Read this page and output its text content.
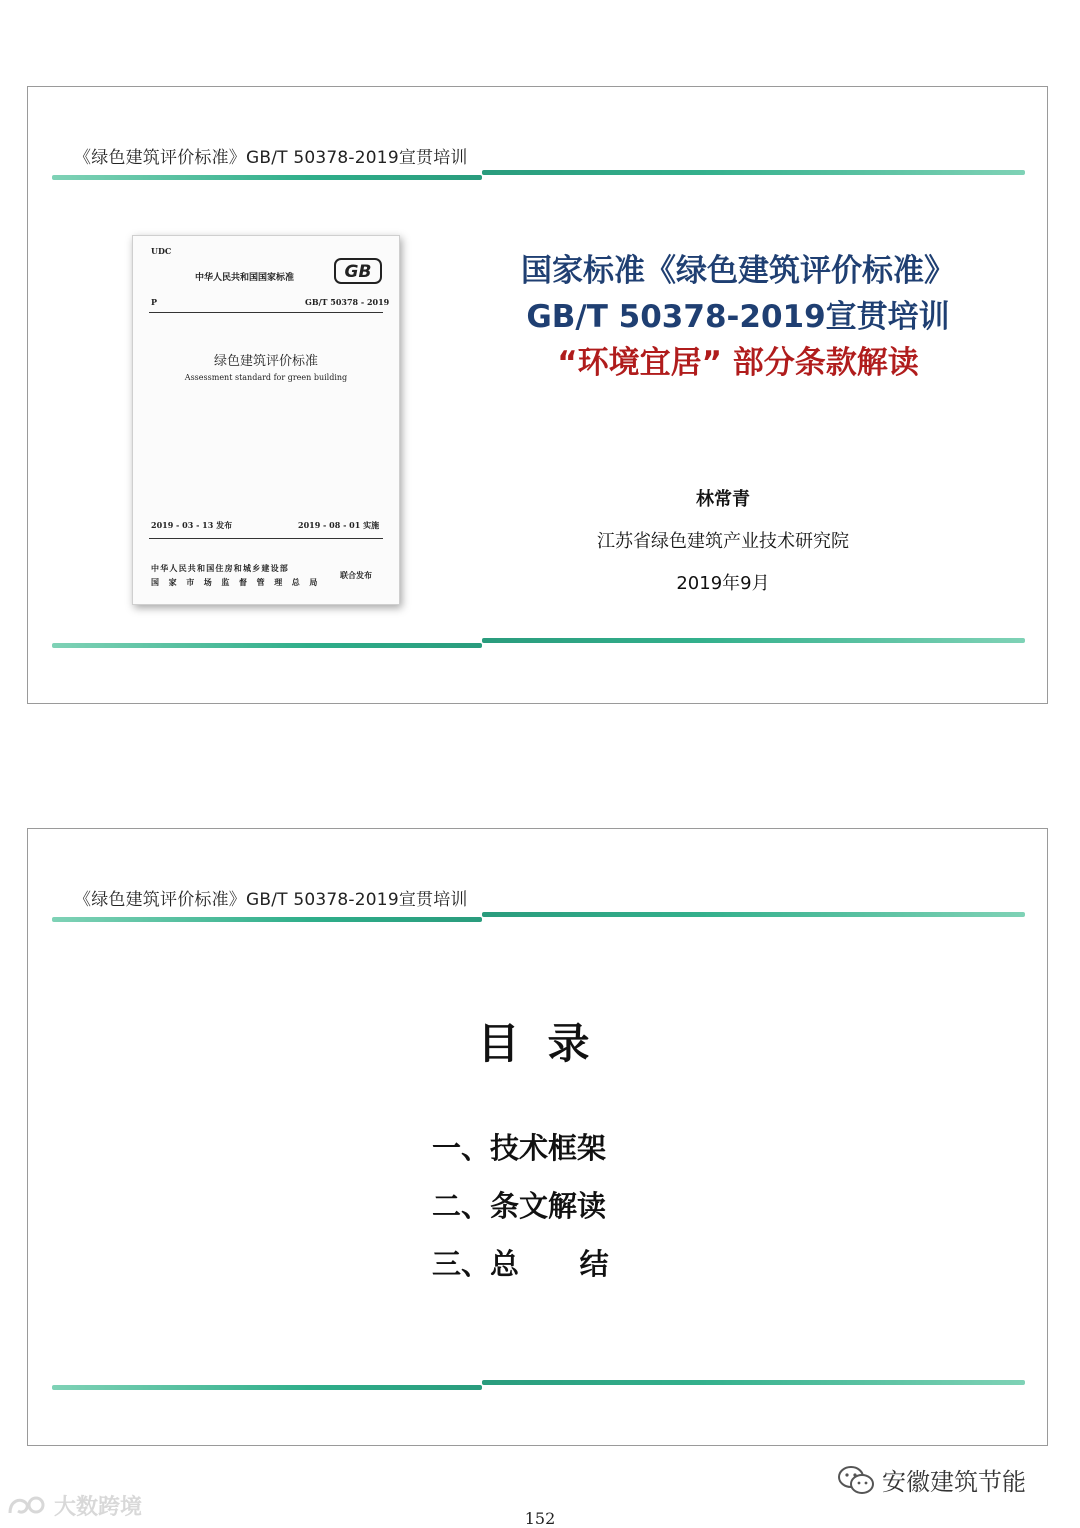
《绿色建筑评价标准》GB/T 50378-2019宣贯培训
UDC
中华人民共和国国家标准	GB
P	GB/T 50378 - 2019
绿色建筑评价标准
Assessment standard for green building
2019 - 03 - 13 发布	2019 - 08 - 01 实施
中华人民共和国住房和城乡建设部
国家市场监督管理总局
联合发布
国家标准《绿色建筑评价标准》
GB/T 50378-2019宣贯培训
“环境宜居” 部分条款解读
林常青
江苏省绿色建筑产业技术研究院
2019年9月
《绿色建筑评价标准》GB/T 50378-2019宣贯培训
目录
一、技术框架
二、条文解读
三、总      结
大数跨境
安徽建筑节能
152
